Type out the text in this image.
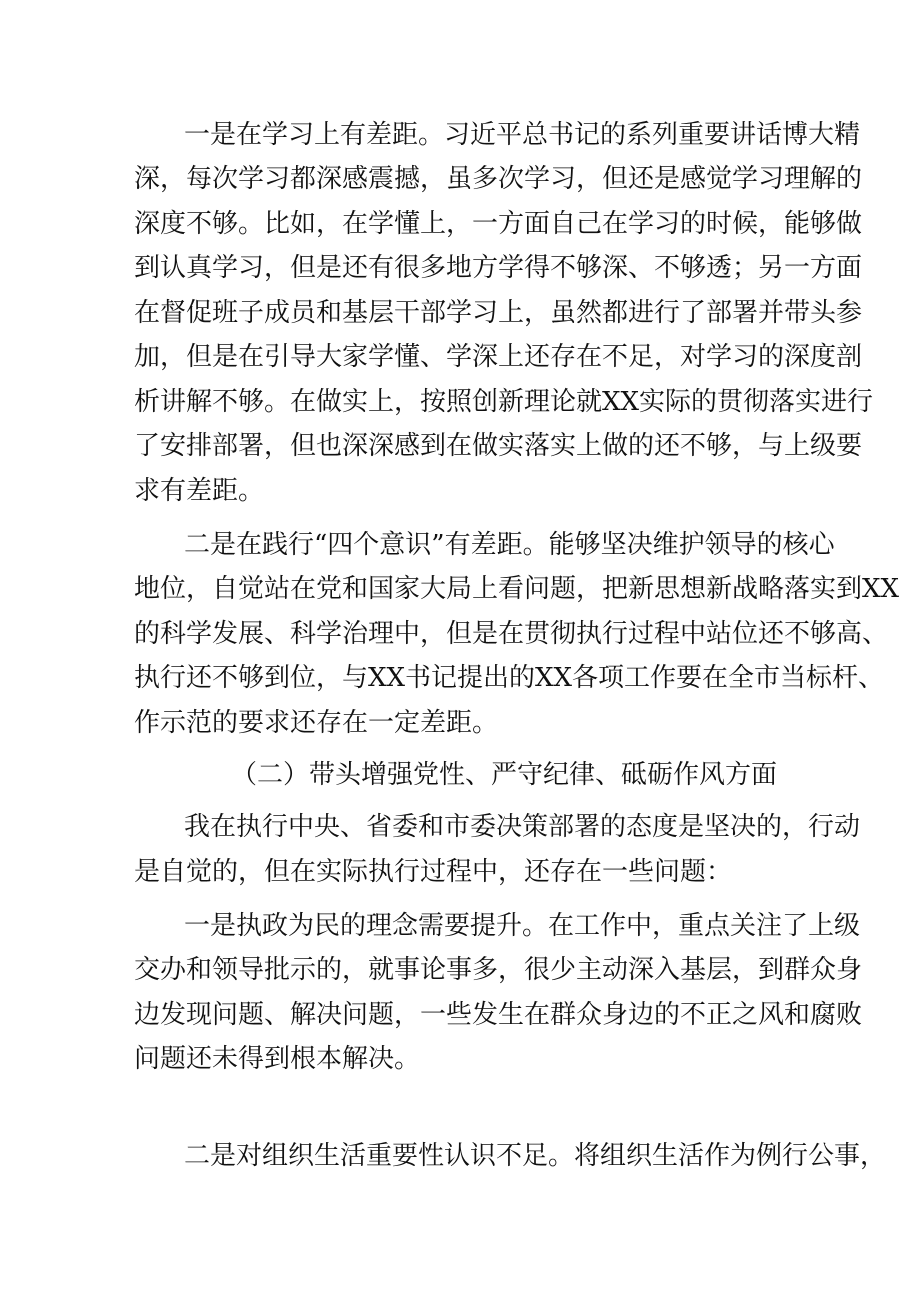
一是在学习上有差距。习近平总书记的系列重要讲话博大精
深，每次学习都深感震撼，虽多次学习，但还是感觉学习理解的
深度不够。比如，在学懂上，一方面自己在学习的时候，能够做
到认真学习，但是还有很多地方学得不够深、不够透；另一方面
在督促班子成员和基层干部学习上，虽然都进行了部署并带头参
加，但是在引导大家学懂、学深上还存在不足，对学习的深度剖
析讲解不够。在做实上，按照创新理论就XX实际的贯彻落实进行
了安排部署，但也深深感到在做实落实上做的还不够，与上级要
求有差距。
二是在践行“四个意识”有差距。能够坚决维护领导的核心
地位，自觉站在党和国家大局上看问题，把新思想新战略落实到XX
的科学发展、科学治理中，但是在贯彻执行过程中站位还不够高、
执行还不够到位，与XX书记提出的XX各项工作要在全市当标杆、
作示范的要求还存在一定差距。
（二）带头增强党性、严守纪律、砥砺作风方面
我在执行中央、省委和市委决策部署的态度是坚决的，行动
是自觉的，但在实际执行过程中，还存在一些问题：
一是执政为民的理念需要提升。在工作中，重点关注了上级
交办和领导批示的，就事论事多，很少主动深入基层，到群众身
边发现问题、解决问题，一些发生在群众身边的不正之风和腐败
问题还未得到根本解决。
二是对组织生活重要性认识不足。将组织生活作为例行公事，
